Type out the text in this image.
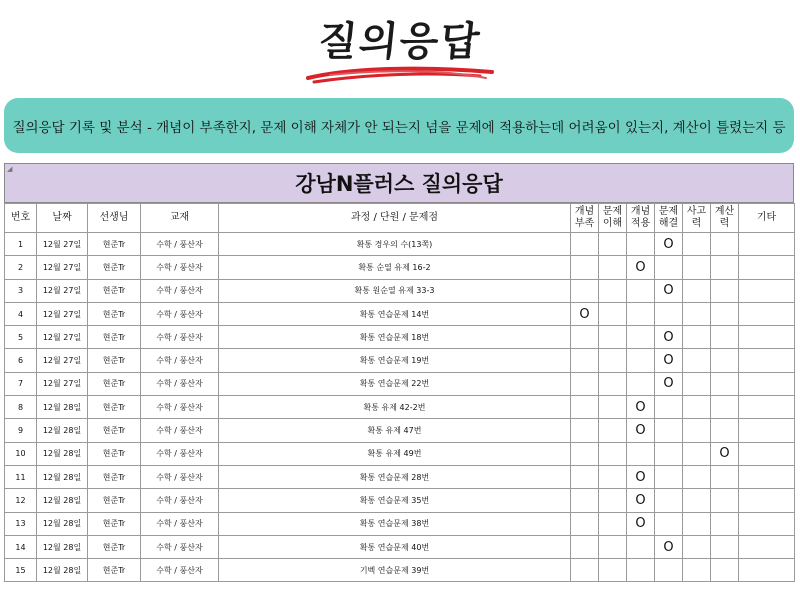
질의응답
질의응답 기록 및 분석 - 개념이 부족한지, 문제 이해 자체가 안 되는지 넘을 문제에 적용하는데 어려움이 있는지, 계산이 틀렸는지 등
◢
강남N플러스 질의응답
번호	날짜	선생님	교재	과정 / 단원 / 문제점	개념 부족	문제 이해	개념 적용	문제 해결	사고 력	계산 력	기타
1	12월 27일	현준Tr	수학 / 풍산자	확통 경우의 수(13쪽)				O			
2	12월 27일	현준Tr	수학 / 풍산자	확통 순열 유제 16-2			O				
3	12월 27일	현준Tr	수학 / 풍산자	확통 원순열 유제 33-3				O			
4	12월 27일	현준Tr	수학 / 풍산자	확통 연습문제 14번	O						
5	12월 27일	현준Tr	수학 / 풍산자	확통 연습문제 18번				O			
6	12월 27일	현준Tr	수학 / 풍산자	확통 연습문제 19번				O			
7	12월 27일	현준Tr	수학 / 풍산자	확통 연습문제 22번				O			
8	12월 28일	현준Tr	수학 / 풍산자	확통 유제 42-2번			O				
9	12월 28일	현준Tr	수학 / 풍산자	확통 유제 47번			O				
10	12월 28일	현준Tr	수학 / 풍산자	확통 유제 49번						O	
11	12월 28일	현준Tr	수학 / 풍산자	확통 연습문제 28번			O				
12	12월 28일	현준Tr	수학 / 풍산자	확통 연습문제 35번			O				
13	12월 28일	현준Tr	수학 / 풍산자	확통 연습문제 38번			O				
14	12월 28일	현준Tr	수학 / 풍산자	확통 연습문제 40번				O			
15	12월 28일	현준Tr	수학 / 풍산자	기벡 연습문제 39번							
